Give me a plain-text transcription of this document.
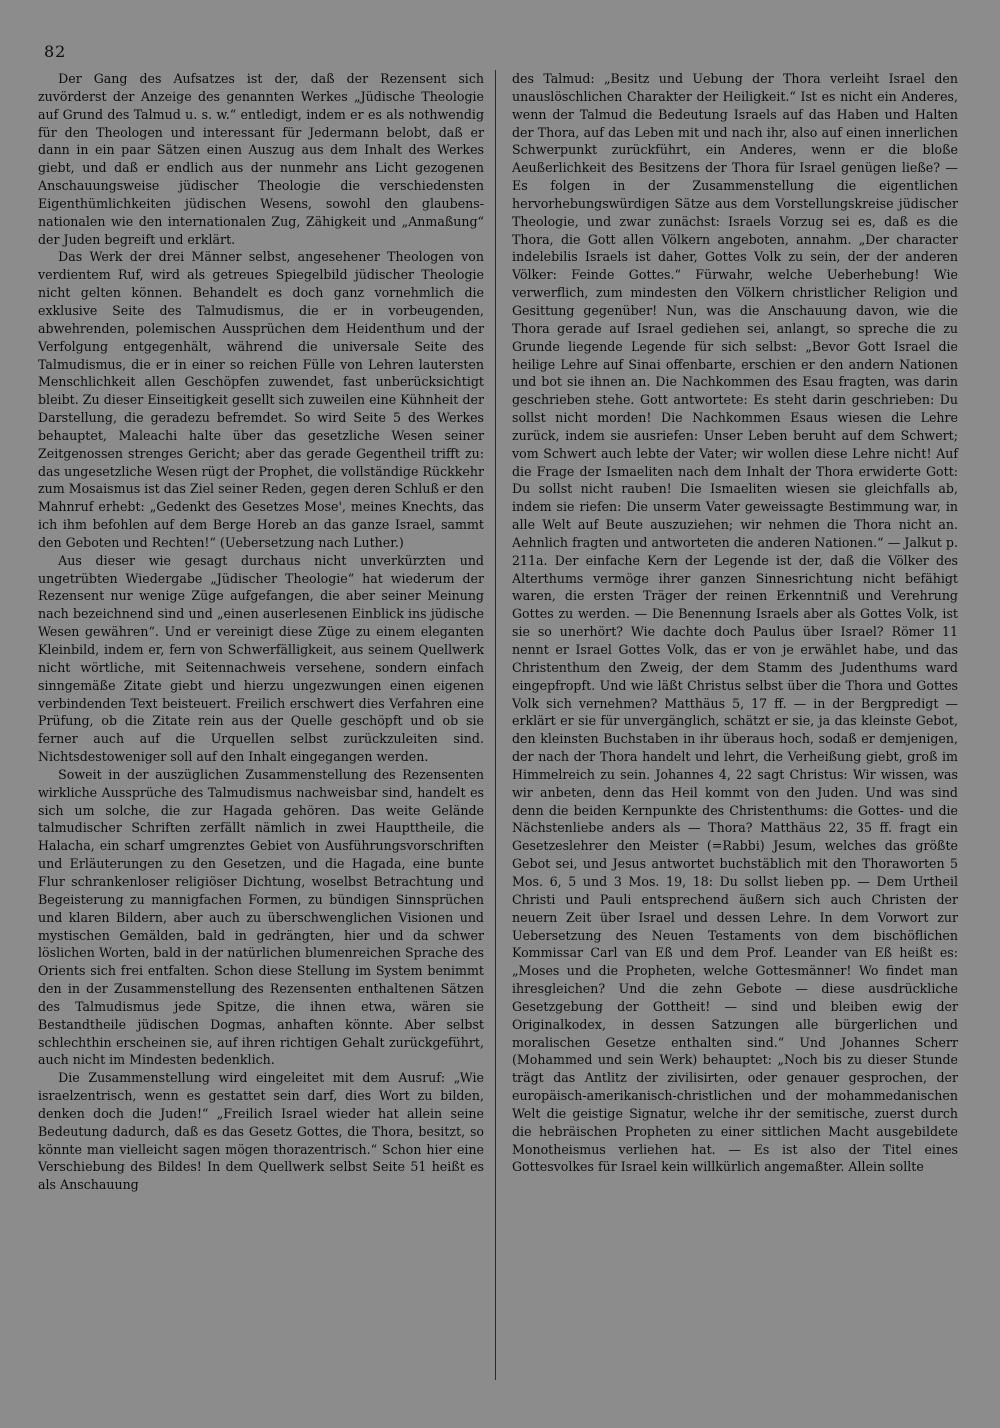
82

Der Gang des Aufsatzes ist der, daß der Rezensent sich zuvörderst der Anzeige des genannten Werkes „Jüdische Theologie auf Grund des Talmud u. s. w.“ entledigt, indem er es als nothwendig für den Theologen und interessant für Jedermann belobt, daß er dann in ein paar Sätzen einen Auszug aus dem Inhalt des Werkes giebt, und daß er endlich aus der nunmehr ans Licht gezogenen Anschauungsweise jüdischer Theologie die verschiedensten Eigenthümlichkeiten jüdischen Wesens, sowohl den glaubens-nationalen wie den internationalen Zug, Zähigkeit und „Anmaßung“ der Juden begreift und erklärt.

Das Werk der drei Männer selbst, angesehener Theologen von verdientem Ruf, wird als getreues Spiegelbild jüdischer Theologie nicht gelten können. Behandelt es doch ganz vornehmlich die exklusive Seite des Talmudismus, die er in vorbeugenden, abwehrenden, polemischen Aussprüchen dem Heidenthum und der Verfolgung entgegenhält, während die universale Seite des Talmudismus, die er in einer so reichen Fülle von Lehren lautersten Menschlichkeit allen Geschöpfen zuwendet, fast unberücksichtigt bleibt. Zu dieser Einseitigkeit gesellt sich zuweilen eine Kühnheit der Darstellung, die geradezu befremdet. So wird Seite 5 des Werkes behauptet, Maleachi halte über das gesetzliche Wesen seiner Zeitgenossen strenges Gericht; aber das gerade Gegentheil trifft zu: das ungesetzliche Wesen rügt der Prophet, die vollständige Rückkehr zum Mosaismus ist das Ziel seiner Reden, gegen deren Schluß er den Mahnruf erhebt: „Gedenkt des Gesetzes Mose', meines Knechts, das ich ihm befohlen auf dem Berge Horeb an das ganze Israel, sammt den Geboten und Rechten!“ (Uebersetzung nach Luther.)

Aus dieser wie gesagt durchaus nicht unverkürzten und ungetrübten Wiedergabe „Jüdischer Theologie“ hat wiederum der Rezensent nur wenige Züge aufgefangen, die aber seiner Meinung nach bezeichnend sind und „einen auserlesenen Einblick ins jüdische Wesen gewähren“. Und er vereinigt diese Züge zu einem eleganten Kleinbild, indem er, fern von Schwerfälligkeit, aus seinem Quellwerk nicht wörtliche, mit Seitennachweis versehene, sondern einfach sinngemäße Zitate giebt und hierzu ungezwungen einen eigenen verbindenden Text beisteuert. Freilich erschwert dies Verfahren eine Prüfung, ob die Zitate rein aus der Quelle geschöpft und ob sie ferner auch auf die Urquellen selbst zurückzuleiten sind. Nichtsdestoweniger soll auf den Inhalt eingegangen werden.

Soweit in der auszüglichen Zusammenstellung des Rezensenten wirkliche Aussprüche des Talmudismus nachweisbar sind, handelt es sich um solche, die zur Hagada gehören. Das weite Gelände talmudischer Schriften zerfällt nämlich in zwei Haupttheile, die Halacha, ein scharf umgrenztes Gebiet von Ausführungsvorschriften und Erläuterungen zu den Gesetzen, und die Hagada, eine bunte Flur schrankenloser religiöser Dichtung, woselbst Betrachtung und Begeisterung zu mannigfachen Formen, zu bündigen Sinnsprüchen und klaren Bildern, aber auch zu überschwenglichen Visionen und mystischen Gemälden, bald in gedrängten, hier und da schwer löslichen Worten, bald in der natürlichen blumenreichen Sprache des Orients sich frei entfalten. Schon diese Stellung im System benimmt den in der Zusammenstellung des Rezensenten enthaltenen Sätzen des Talmudismus jede Spitze, die ihnen etwa, wären sie Bestandtheile jüdischen Dogmas, anhaften könnte. Aber selbst schlechthin erscheinen sie, auf ihren richtigen Gehalt zurückgeführt, auch nicht im Mindesten bedenklich.

Die Zusammenstellung wird eingeleitet mit dem Ausruf: „Wie israelzentrisch, wenn es gestattet sein darf, dies Wort zu bilden, denken doch die Juden!“ „Freilich Israel wieder hat allein seine Bedeutung dadurch, daß es das Gesetz Gottes, die Thora, besitzt, so könnte man vielleicht sagen mögen thorazentrisch.“ Schon hier eine Verschiebung des Bildes! In dem Quellwerk selbst Seite 51 heißt es als Anschauung

des Talmud: „Besitz und Uebung der Thora verleiht Israel den unauslöschlichen Charakter der Heiligkeit.“ Ist es nicht ein Anderes, wenn der Talmud die Bedeutung Israels auf das Haben und Halten der Thora, auf das Leben mit und nach ihr, also auf einen innerlichen Schwerpunkt zurückführt, ein Anderes, wenn er die bloße Aeußerlichkeit des Besitzens der Thora für Israel genügen ließe? — Es folgen in der Zusammenstellung die eigentlichen hervorhebungswürdigen Sätze aus dem Vorstellungskreise jüdischer Theologie, und zwar zunächst: Israels Vorzug sei es, daß es die Thora, die Gott allen Völkern angeboten, annahm. „Der character indelebilis Israels ist daher, Gottes Volk zu sein, der der anderen Völker: Feinde Gottes.“ Fürwahr, welche Ueberhebung! Wie verwerflich, zum mindesten den Völkern christlicher Religion und Gesittung gegenüber! Nun, was die Anschauung davon, wie die Thora gerade auf Israel gediehen sei, anlangt, so spreche die zu Grunde liegende Legende für sich selbst: „Bevor Gott Israel die heilige Lehre auf Sinai offenbarte, erschien er den andern Nationen und bot sie ihnen an. Die Nachkommen des Esau fragten, was darin geschrieben stehe. Gott antwortete: Es steht darin geschrieben: Du sollst nicht morden! Die Nachkommen Esaus wiesen die Lehre zurück, indem sie ausriefen: Unser Leben beruht auf dem Schwert; vom Schwert auch lebte der Vater; wir wollen diese Lehre nicht! Auf die Frage der Ismaeliten nach dem Inhalt der Thora erwiderte Gott: Du sollst nicht rauben! Die Ismaeliten wiesen sie gleichfalls ab, indem sie riefen: Die unserm Vater geweissagte Bestimmung war, in alle Welt auf Beute auszuziehen; wir nehmen die Thora nicht an. Aehnlich fragten und antworteten die anderen Nationen.“ — Jalkut p. 211a. Der einfache Kern der Legende ist der, daß die Völker des Alterthums vermöge ihrer ganzen Sinnesrichtung nicht befähigt waren, die ersten Träger der reinen Erkenntniß und Verehrung Gottes zu werden. — Die Benennung Israels aber als Gottes Volk, ist sie so unerhört? Wie dachte doch Paulus über Israel? Römer 11 nennt er Israel Gottes Volk, das er von je erwählet habe, und das Christenthum den Zweig, der dem Stamm des Judenthums ward eingepfropft. Und wie läßt Christus selbst über die Thora und Gottes Volk sich vernehmen? Matthäus 5, 17 ff. — in der Bergpredigt — erklärt er sie für unvergänglich, schätzt er sie, ja das kleinste Gebot, den kleinsten Buchstaben in ihr überaus hoch, sodaß er demjenigen, der nach der Thora handelt und lehrt, die Verheißung giebt, groß im Himmelreich zu sein. Johannes 4, 22 sagt Christus: Wir wissen, was wir anbeten, denn das Heil kommt von den Juden. Und was sind denn die beiden Kernpunkte des Christenthums: die Gottes- und die Nächstenliebe anders als — Thora? Matthäus 22, 35 ff. fragt ein Gesetzeslehrer den Meister (=Rabbi) Jesum, welches das größte Gebot sei, und Jesus antwortet buchstäblich mit den Thoraworten 5 Mos. 6, 5 und 3 Mos. 19, 18: Du sollst lieben pp. — Dem Urtheil Christi und Pauli entsprechend äußern sich auch Christen der neuern Zeit über Israel und dessen Lehre. In dem Vorwort zur Uebersetzung des Neuen Testaments von dem bischöflichen Kommissar Carl van Eß und dem Prof. Leander van Eß heißt es: „Moses und die Propheten, welche Gottesmänner! Wo findet man ihresgleichen? Und die zehn Gebote — diese ausdrückliche Gesetzgebung der Gottheit! — sind und bleiben ewig der Originalkodex, in dessen Satzungen alle bürgerlichen und moralischen Gesetze enthalten sind.“ Und Johannes Scherr (Mohammed und sein Werk) behauptet: „Noch bis zu dieser Stunde trägt das Antlitz der zivilisirten, oder genauer gesprochen, der europäisch-amerikanisch-christlichen und der mohammedanischen Welt die geistige Signatur, welche ihr der semitische, zuerst durch die hebräischen Propheten zu einer sittlichen Macht ausgebildete Monotheismus verliehen hat. — Es ist also der Titel eines Gottesvolkes für Israel kein willkürlich angemaßter. Allein sollte
